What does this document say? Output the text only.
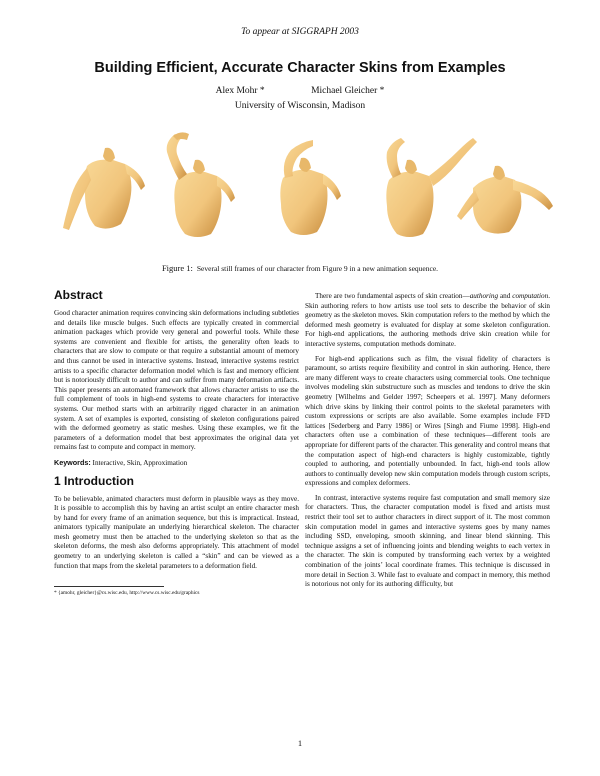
To appear at SIGGRAPH 2003
Building Efficient, Accurate Character Skins from Examples
Alex Mohr *	Michael Gleicher *
University of Wisconsin, Madison
Figure 1: Several still frames of our character from Figure 9 in a new animation sequence.
Abstract

Good character animation requires convincing skin deformations including subtleties and details like muscle bulges. Such effects are typically created in commercial animation packages which provide very general and powerful tools. While these systems are convenient and flexible for artists, the generality often leads to characters that are slow to compute or that require a substantial amount of memory and thus cannot be used in interactive systems. Instead, interactive systems restrict artists to a specific character deformation model which is fast and memory efficient but is notoriously difficult to author and can suffer from many deformation artifacts. This paper presents an automated framework that allows character artists to use the full complement of tools in high-end systems to create characters for interactive systems. Our method starts with an arbitrarily rigged character in an animation system. A set of examples is exported, consisting of skeleton configurations paired with the deformed geometry as static meshes. Using these examples, we fit the parameters of a deformation model that best approximates the original data yet remains fast to compute and compact in memory.

Keywords: Interactive, Skin, Approximation

1 Introduction

To be believable, animated characters must deform in plausible ways as they move. It is possible to accomplish this by having an artist sculpt an entire character mesh by hand for every frame of an animation sequence, but this is impractical. Instead, animators typically manipulate an underlying hierarchical skeleton. The character mesh geometry must then be attached to the underlying skeleton so that as the skeleton deforms, the mesh also deforms appropriately. This attachment of model geometry to an underlying skeleton is called a “skin” and can be viewed as a function that maps from the skeletal parameters to a deformation field.

* {amohr, gleicher}@cs.wisc.edu, http://www.cs.wisc.edu/graphics

There are two fundamental aspects of skin creation—authoring and computation. Skin authoring refers to how artists use tool sets to describe the behavior of skin geometry as the skeleton moves. Skin computation refers to the method by which the deformed mesh geometry is evaluated for display at some skeleton configuration. For high-end applications, the authoring methods drive skin creation while for interactive systems, computation methods dominate.

For high-end applications such as film, the visual fidelity of characters is paramount, so artists require flexibility and control in skin authoring. Hence, there are many different ways to create characters using commercial tools. One technique involves modeling skin substructure such as muscles and tendons to drive the skin geometry [Wilhelms and Gelder 1997; Scheepers et al. 1997]. Many deformers which drive skins by linking their control points to the skeletal parameters with custom expressions or scripts are also available. Some examples include FFD lattices [Sederberg and Parry 1986] or Wires [Singh and Fiume 1998]. High-end characters often use a combination of these techniques—different tools are appropriate for different parts of the character. This generality and control means that the computation aspect of high-end characters is highly customizable, tightly coupled to authoring, and potentially unbounded. In fact, high-end tools allow authors to continually develop new skin computation models through custom scripts, expressions and complex deformers.

In contrast, interactive systems require fast computation and small memory size for characters. Thus, the character computation model is fixed and artists must restrict their tool set to author characters in direct support of it. The most common skin computation model in games and interactive systems goes by many names including SSD, enveloping, smooth skinning, and linear blend skinning. This technique assigns a set of influencing joints and blending weights to each vertex in the character. The skin is computed by transforming each vertex by a weighted combination of the joints’ local coordinate frames. This technique is discussed in more detail in Section 3. While fast to evaluate and compact in memory, this method is notorious not only for its authoring difficulty, but

1
